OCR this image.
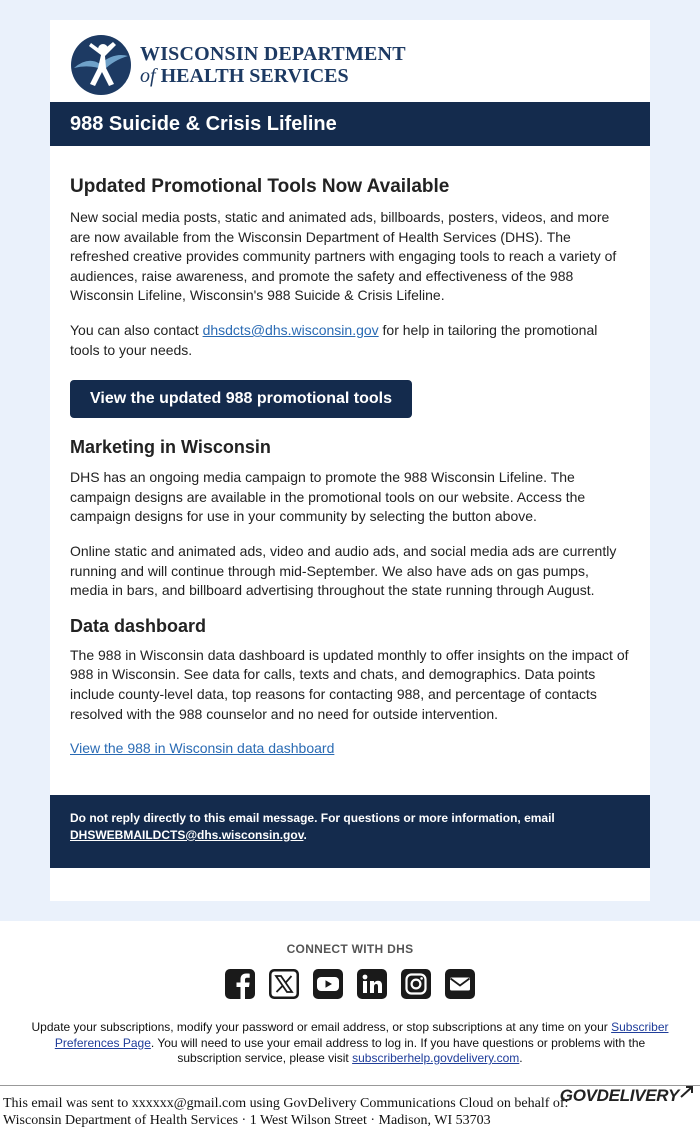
WISCONSIN DEPARTMENT
of HEALTH SERVICES
988 Suicide & Crisis Lifeline
Updated Promotional Tools Now Available

New social media posts, static and animated ads, billboards, posters, videos, and more are now available from the Wisconsin Department of Health Services (DHS). The refreshed creative provides community partners with engaging tools to reach a variety of audiences, raise awareness, and promote the safety and effectiveness of the 988 Wisconsin Lifeline, Wisconsin's 988 Suicide & Crisis Lifeline.

You can also contact dhsdcts@dhs.wisconsin.gov for help in tailoring the promotional tools to your needs.

View the updated 988 promotional tools
Marketing in Wisconsin

DHS has an ongoing media campaign to promote the 988 Wisconsin Lifeline. The campaign designs are available in the promotional tools on our website. Access the campaign designs for use in your community by selecting the button above.

Online static and animated ads, video and audio ads, and social media ads are currently running and will continue through mid-September. We also have ads on gas pumps, media in bars, and billboard advertising throughout the state running through August.

Data dashboard

The 988 in Wisconsin data dashboard is updated monthly to offer insights on the impact of 988 in Wisconsin. See data for calls, texts and chats, and demographics. Data points include county-level data, top reasons for contacting 988, and percentage of contacts resolved with the 988 counselor and no need for outside intervention.

View the 988 in Wisconsin data dashboard

Do not reply directly to this email message. For questions or more information, email DHSWEBMAILDCTS@dhs.wisconsin.gov.
CONNECT WITH DHS
Update your subscriptions, modify your password or email address, or stop subscriptions at any time on your Subscriber Preferences Page. You will need to use your email address to log in. If you have questions or problems with the subscription service, please visit subscriberhelp.govdelivery.com.
This email was sent to xxxxxx@gmail.com using GovDelivery Communications Cloud on behalf of: Wisconsin Department of Health Services · 1 West Wilson Street · Madison, WI 53703
GOVDELIVERY
